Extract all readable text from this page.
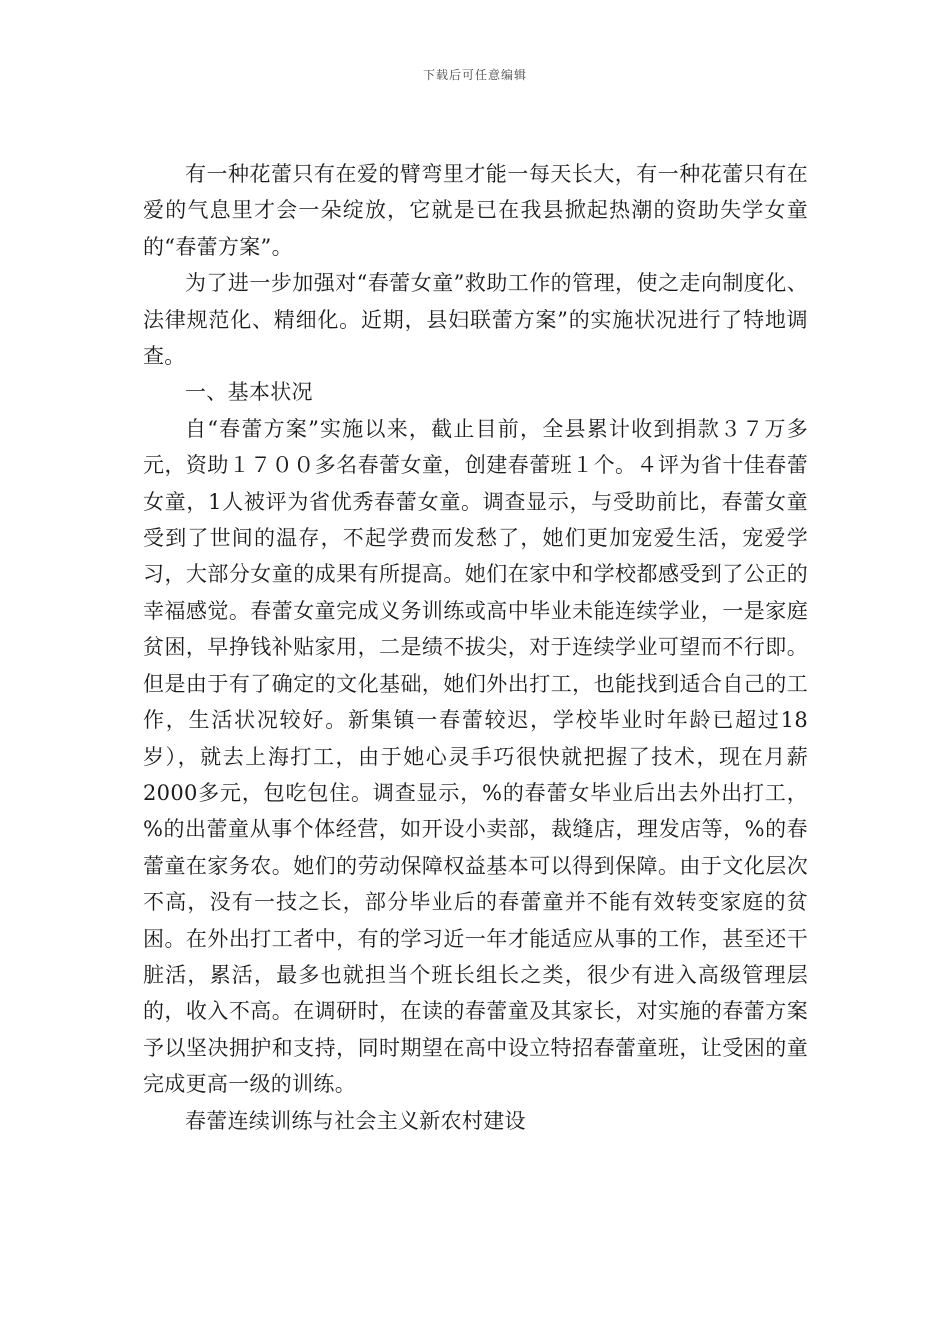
下载后可任意编辑

有一种花蕾只有在爱的臂弯里才能一每天长大，有一种花蕾只有在爱的气息里才会一朵绽放，它就是已在我县掀起热潮的资助失学女童的“春蕾方案”。

为了进一步加强对“春蕾女童”救助工作的管理，使之走向制度化、法律规范化、精细化。近期，县妇联蕾方案”的实施状况进行了特地调查。

一、基本状况

自“春蕾方案”实施以来，截止目前，全县累计收到捐款３７万多元，资助１７００多名春蕾女童，创建春蕾班１个。４评为省十佳春蕾女童，1人被评为省优秀春蕾女童。调查显示，与受助前比，春蕾女童受到了世间的温存，不起学费而发愁了，她们更加宠爱生活，宠爱学习，大部分女童的成果有所提高。她们在家中和学校都感受到了公正的幸福感觉。春蕾女童完成义务训练或高中毕业未能连续学业，一是家庭贫困，早挣钱补贴家用，二是绩不拔尖，对于连续学业可望而不行即。但是由于有了确定的文化基础，她们外出打工，也能找到适合自己的工作，生活状况较好。新集镇一春蕾较迟，学校毕业时年龄已超过18岁），就去上海打工，由于她心灵手巧很快就把握了技术，现在月薪2000多元，包吃包住。调查显示，%的春蕾女毕业后出去外出打工，%的出蕾童从事个体经营，如开设小卖部，裁缝店，理发店等，%的春蕾童在家务农。她们的劳动保障权益基本可以得到保障。由于文化层次不高，没有一技之长，部分毕业后的春蕾童并不能有效转变家庭的贫困。在外出打工者中，有的学习近一年才能适应从事的工作，甚至还干脏活，累活，最多也就担当个班长组长之类，很少有进入高级管理层的，收入不高。在调研时，在读的春蕾童及其家长，对实施的春蕾方案予以坚决拥护和支持，同时期望在高中设立特招春蕾童班，让受困的童完成更高一级的训练。

春蕾连续训练与社会主义新农村建设
